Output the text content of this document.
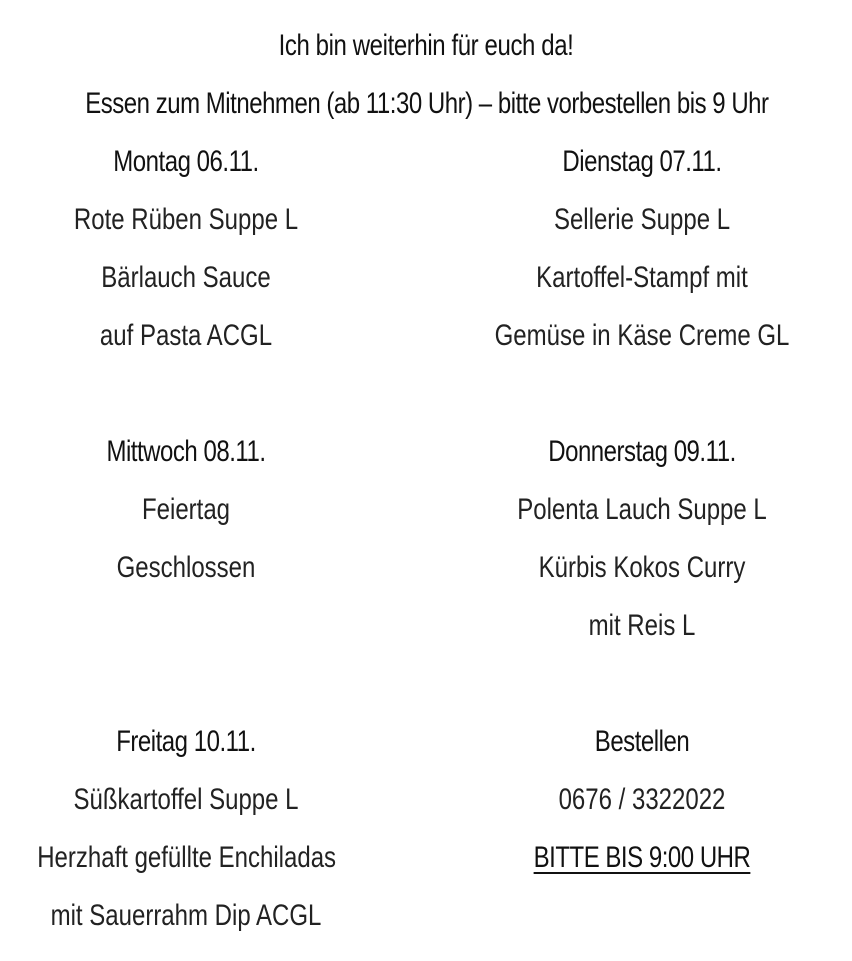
Ich bin weiterhin für euch da!
Essen zum Mitnehmen (ab 11:30 Uhr) – bitte vorbestellen bis 9 Uhr
Montag 06.11.
Rote Rüben Suppe L
Bärlauch Sauce
auf Pasta ACGL
Dienstag 07.11.
Sellerie Suppe L
Kartoffel-Stampf mit
Gemüse in Käse Creme GL
Mittwoch 08.11.
Feiertag
Geschlossen
Donnerstag 09.11.
Polenta Lauch Suppe L
Kürbis Kokos Curry
mit Reis L
Freitag 10.11.
Süßkartoffel Suppe L
Herzhaft gefüllte Enchiladas
mit Sauerrahm Dip ACGL
Bestellen
0676 / 3322022
BITTE BIS 9:00 UHR
